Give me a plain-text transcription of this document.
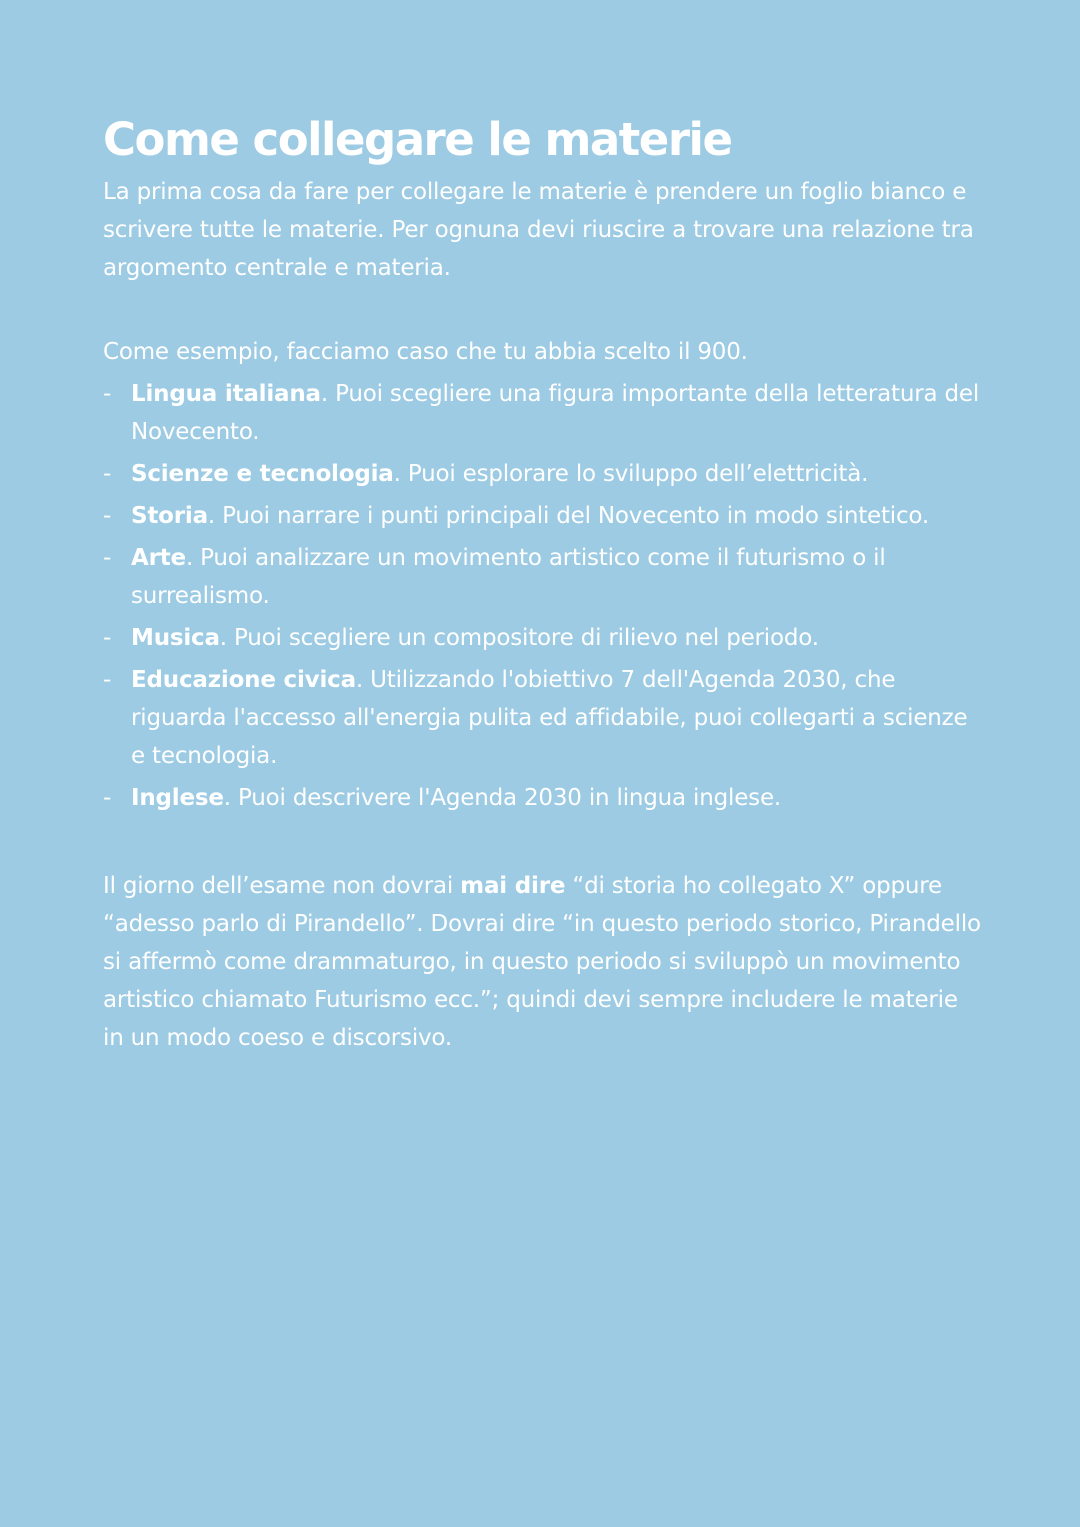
Come collegare le materie

La prima cosa da fare per collegare le materie è prendere un foglio bianco e scrivere tutte le materie. Per ognuna devi riuscire a trovare una relazione tra argomento centrale e materia.

Come esempio, facciamo caso che tu abbia scelto il 900.

- Lingua italiana. Puoi scegliere una figura importante della letteratura del Novecento.
- Scienze e tecnologia. Puoi esplorare lo sviluppo dell’elettricità.
- Storia. Puoi narrare i punti principali del Novecento in modo sintetico.
- Arte. Puoi analizzare un movimento artistico come il futurismo o il surrealismo.
- Musica. Puoi scegliere un compositore di rilievo nel periodo.
- Educazione civica. Utilizzando l'obiettivo 7 dell'Agenda 2030, che riguarda l'accesso all'energia pulita ed affidabile, puoi collegarti a scienze e tecnologia.
- Inglese. Puoi descrivere l'Agenda 2030 in lingua inglese.

Il giorno dell’esame non dovrai mai dire “di storia ho collegato X” oppure “adesso parlo di Pirandello”. Dovrai dire “in questo periodo storico, Pirandello si affermò come drammaturgo, in questo periodo si sviluppò un movimento artistico chiamato Futurismo ecc.”; quindi devi sempre includere le materie in un modo coeso e discorsivo.
